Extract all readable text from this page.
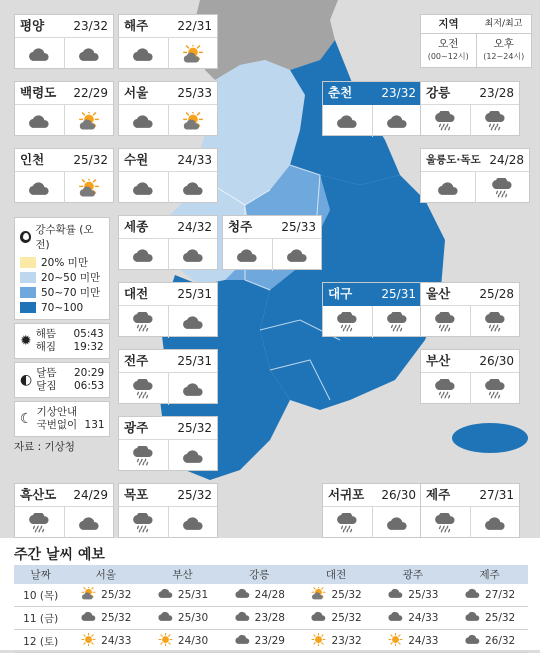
지역	최저/최고
오전
(00~12시)
오후
(12~24시)
평양 23/32 해주 22/31
백령도 22/29 서울 25/33	춘천 23/32 강릉 23/28
인천 25/32 수원 24/33	울릉도·독도 24/28
세종 24/32 청주 25/33
대전 25/31	대구 25/31 울산 25/28
전주 25/31	부산 26/30
광주 25/32
흑산도 24/29 목포 25/32	서귀포 26/30 제주 27/31
강수확률 (오전)
20% 미만
20~50 미만
50~70 미만
70~100
✹ 해뜸 05:43
해짐 19:32
◐ 달뜸 20:29
달짐 06:53
☾ 기상안내
국번없이 131
자료 : 기상청
주간 날씨 예보
날짜	서울	부산	강릉	대전	광주	제주
10 (목)	25/32	25/31	24/28	25/32	25/33	27/32

11 (금)	25/32	25/30	23/28	25/32	24/33	25/32

12 (토)	24/33	24/30	23/29	23/32	24/33	26/32
